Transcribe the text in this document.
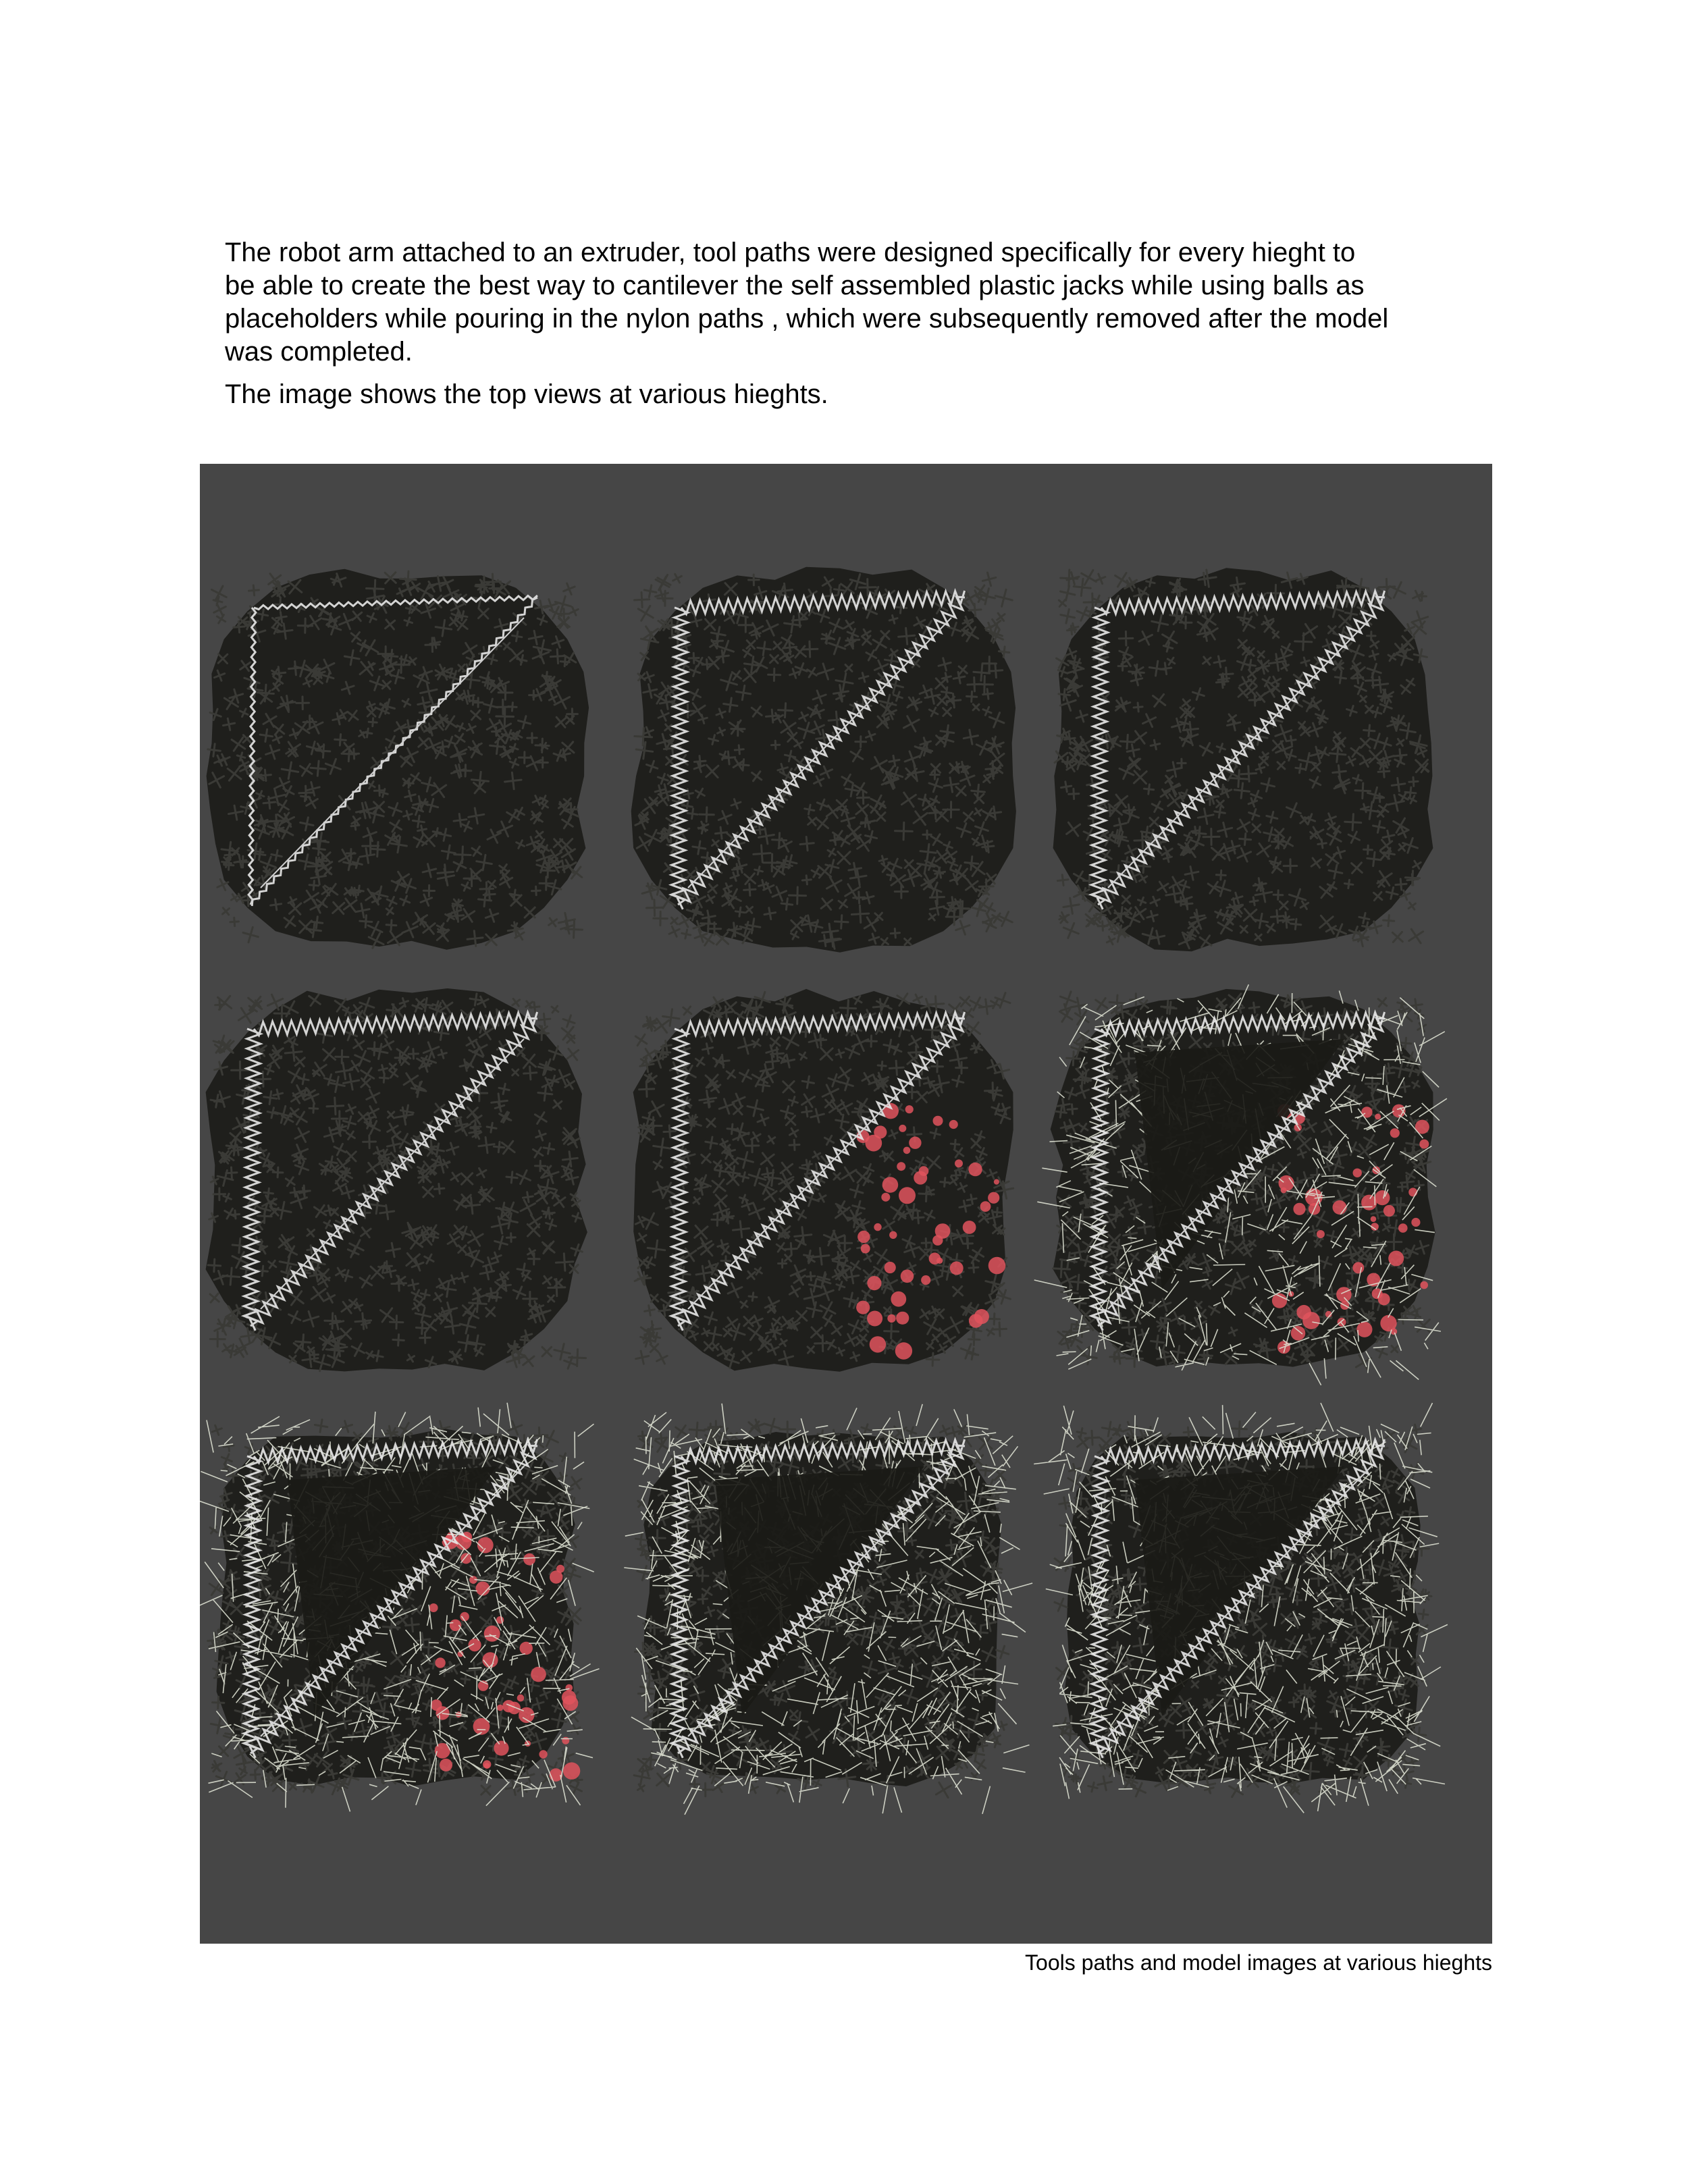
The robot arm attached to an extruder, tool paths were designed specifically for every hieght to
be able to create the best way to cantilever the self assembled plastic jacks while using balls as
placeholders while pouring in the nylon paths , which were subsequently removed after the model
was completed.

The image shows the top views at various hieghts.

Tools paths and model images at various hieghts
